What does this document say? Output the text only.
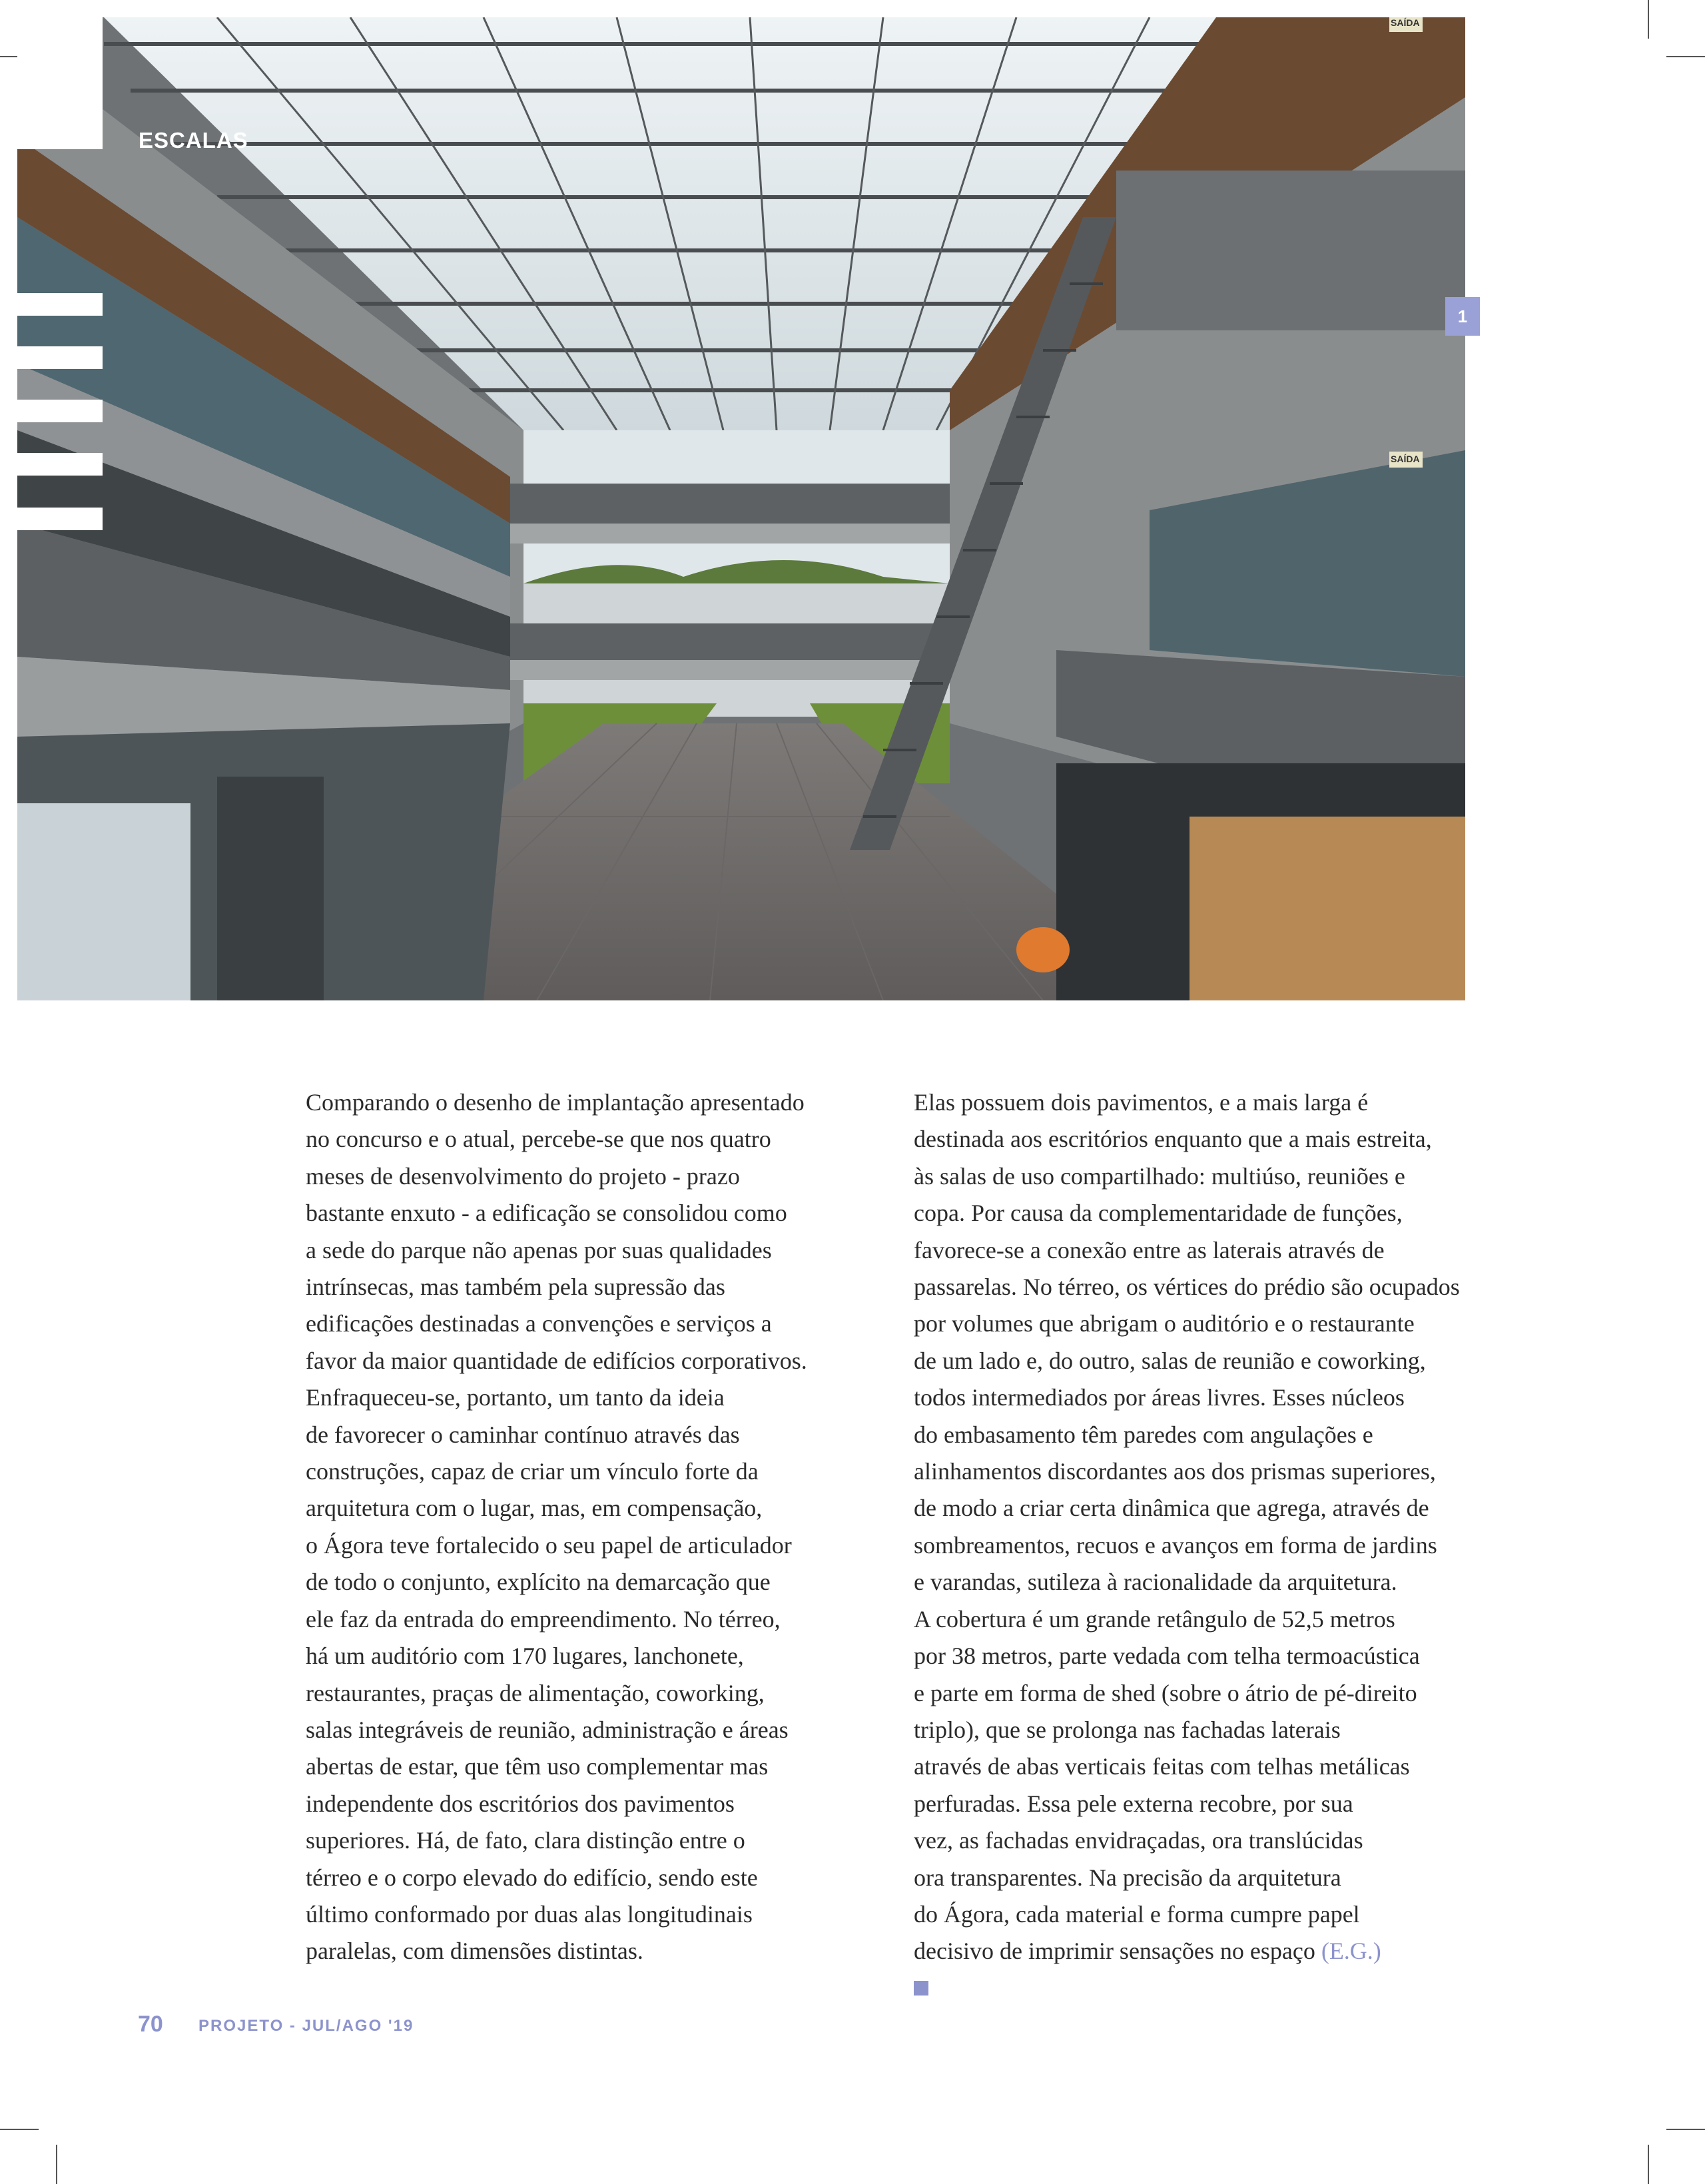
SAÍDA
SAÍDA
ESCALAS
1

Comparando o desenho de implantação apresentado

no concurso e o atual, percebe-se que nos quatro

meses de desenvolvimento do projeto - prazo

bastante enxuto - a edificação se consolidou como

a sede do parque não apenas por suas qualidades

intrínsecas, mas também pela supressão das

edificações destinadas a convenções e serviços a

favor da maior quantidade de edifícios corporativos.

Enfraqueceu-se, portanto, um tanto da ideia

de favorecer o caminhar contínuo através das

construções, capaz de criar um vínculo forte da

arquitetura com o lugar, mas, em compensação,

o Ágora teve fortalecido o seu papel de articulador

de todo o conjunto, explícito na demarcação que

ele faz da entrada do empreendimento. No térreo,

há um auditório com 170 lugares, lanchonete,

restaurantes, praças de alimentação, coworking,

salas integráveis de reunião, administração e áreas

abertas de estar, que têm uso complementar mas

independente dos escritórios dos pavimentos

superiores. Há, de fato, clara distinção entre o

térreo e o corpo elevado do edifício, sendo este

último conformado por duas alas longitudinais

paralelas, com dimensões distintas.

Elas possuem dois pavimentos, e a mais larga é

destinada aos escritórios enquanto que a mais estreita,

às salas de uso compartilhado: multiúso, reuniões e

copa. Por causa da complementaridade de funções,

favorece-se a conexão entre as laterais através de

passarelas. No térreo, os vértices do prédio são ocupados

por volumes que abrigam o auditório e o restaurante

de um lado e, do outro, salas de reunião e coworking,

todos intermediados por áreas livres. Esses núcleos

do embasamento têm paredes com angulações e

alinhamentos discordantes aos dos prismas superiores,

de modo a criar certa dinâmica que agrega, através de

sombreamentos, recuos e avanços em forma de jardins

e varandas, sutileza à racionalidade da arquitetura.

A cobertura é um grande retângulo de 52,5 metros

por 38 metros, parte vedada com telha termoacústica

e parte em forma de shed (sobre o átrio de pé-direito

triplo), que se prolonga nas fachadas laterais

através de abas verticais feitas com telhas metálicas

perfuradas. Essa pele externa recobre, por sua

vez, as fachadas envidraçadas, ora translúcidas

ora transparentes. Na precisão da arquitetura

do Ágora, cada material e forma cumpre papel

decisivo de imprimir sensações no espaço (E.G.)

70 PROJETO - JUL/AGO '19
